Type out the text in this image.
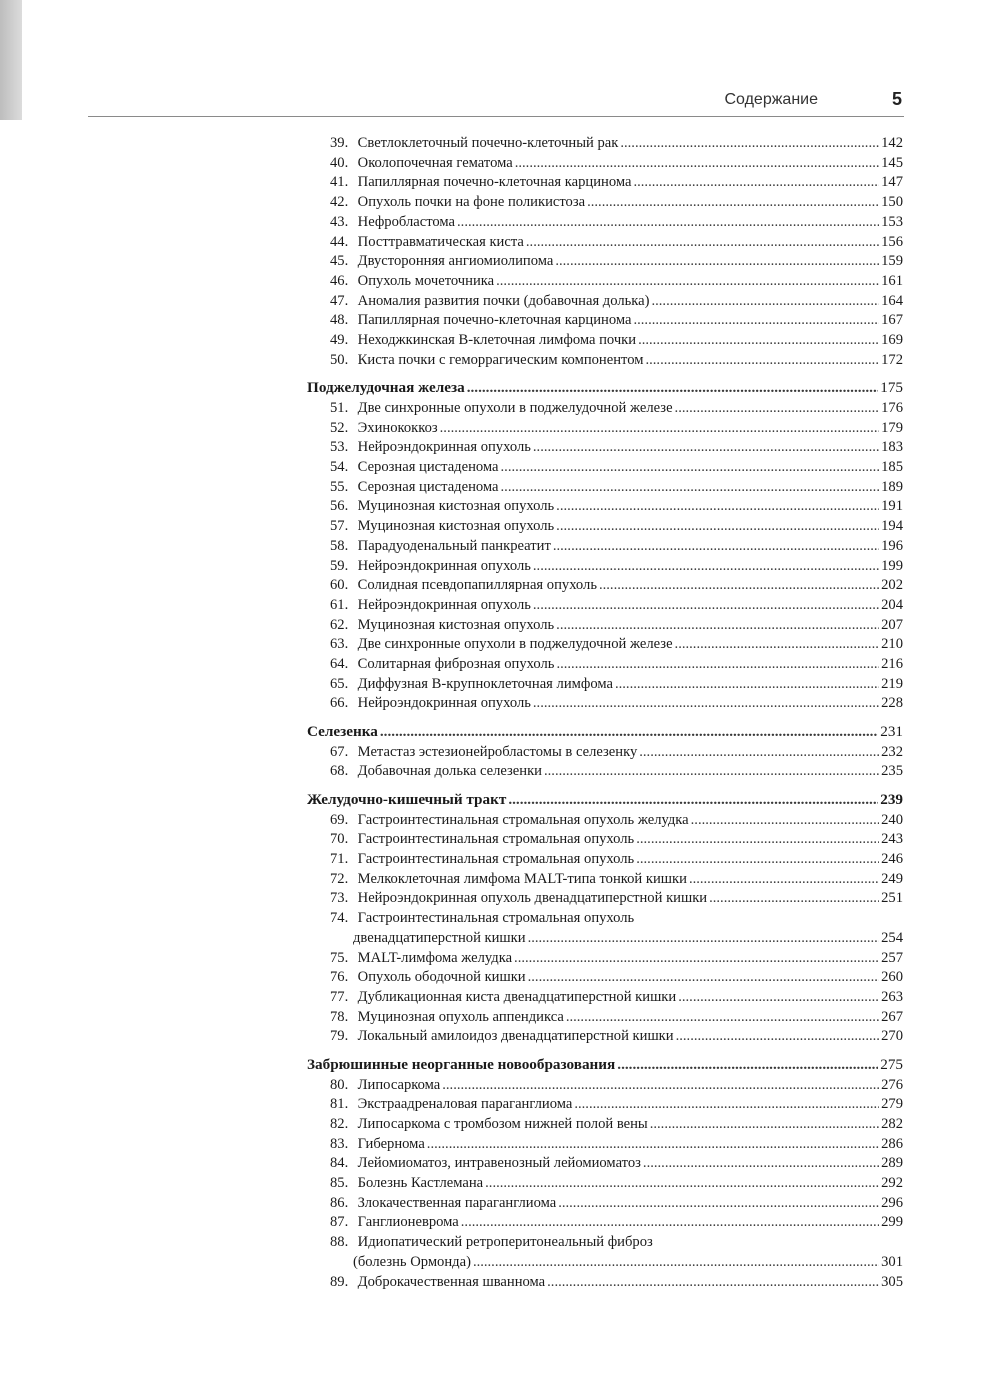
Содержание	5
39.
Светлоклеточный почечно-клеточный рак .....	142
40.
Околопочечная гематома .....	145
41.
Папиллярная почечно-клеточная карцинома .....	147
42.
Опухоль почки на фоне поликистоза .....	150
43.
Нефробластома .....	153
44.
Посттравматическая киста .....	156
45.
Двусторонняя ангиомиолипома .....	159
46.
Опухоль мочеточника .....	161
47.
Аномалия развития почки (добавочная долька) .....	164
48.
Папиллярная почечно-клеточная карцинома .....	167
49.
Неходжкинская В-клеточная лимфома почки .....	169
50.
Киста почки с геморрагическим компонентом .....	172
Поджелудочная железа .....	175
51.
Две синхронные опухоли в поджелудочной железе .....	176
52.
Эхинококкоз .....	179
53.
Нейроэндокринная опухоль .....	183
54.
Серозная цистаденома .....	185
55.
Серозная цистаденома .....	189
56.
Муцинозная кистозная опухоль .....	191
57.
Муцинозная кистозная опухоль .....	194
58.
Парадуоденальный панкреатит .....	196
59.
Нейроэндокринная опухоль .....	199
60.
Солидная псевдопапиллярная опухоль .....	202
61.
Нейроэндокринная опухоль .....	204
62.
Муцинозная кистозная опухоль .....	207
63.
Две синхронные опухоли в поджелудочной железе .....	210
64.
Солитарная фиброзная опухоль .....	216
65.
Диффузная В-крупноклеточная лимфома .....	219
66.
Нейроэндокринная опухоль .....	228
Селезенка .....	231
67.
Метастаз эстезионейробластомы в селезенку .....	232
68.
Добавочная долька селезенки .....	235
Желудочно-кишечный тракт .....	239
69.
Гастроинтестинальная стромальная опухоль желудка .....	240
70.
Гастроинтестинальная стромальная опухоль .....	243
71.
Гастроинтестинальная стромальная опухоль .....	246
72.
Мелкоклеточная лимфома MALT-типа тонкой кишки .....	249
73.
Нейроэндокринная опухоль двенадцатиперстной кишки .....	251
74.
Гастроинтестинальная стромальная опухоль
двенадцатиперстной кишки .....	254
75.
MALT-лимфома желудка .....	257
76.
Опухоль ободочной кишки .....	260
77.
Дубликационная киста двенадцатиперстной кишки .....	263
78.
Муцинозная опухоль аппендикса .....	267
79.
Локальный амилоидоз двенадцатиперстной кишки .....	270
Забрюшинные неорганные новообразования .....	275
80.
Липосаркома .....	276
81.
Экстраадреналовая параганглиома .....	279
82.
Липосаркома с тромбозом нижней полой вены .....	282
83.
Гибернома .....	286
84.
Лейомиоматоз, интравенозный лейомиоматоз .....	289
85.
Болезнь Кастлемана .....	292
86.
Злокачественная параганглиома .....	296
87.
Ганглионеврома .....	299
88.
Идиопатический ретроперитонеальный фиброз
(болезнь Ормонда) .....	301
89.
Доброкачественная шваннома .....	305
